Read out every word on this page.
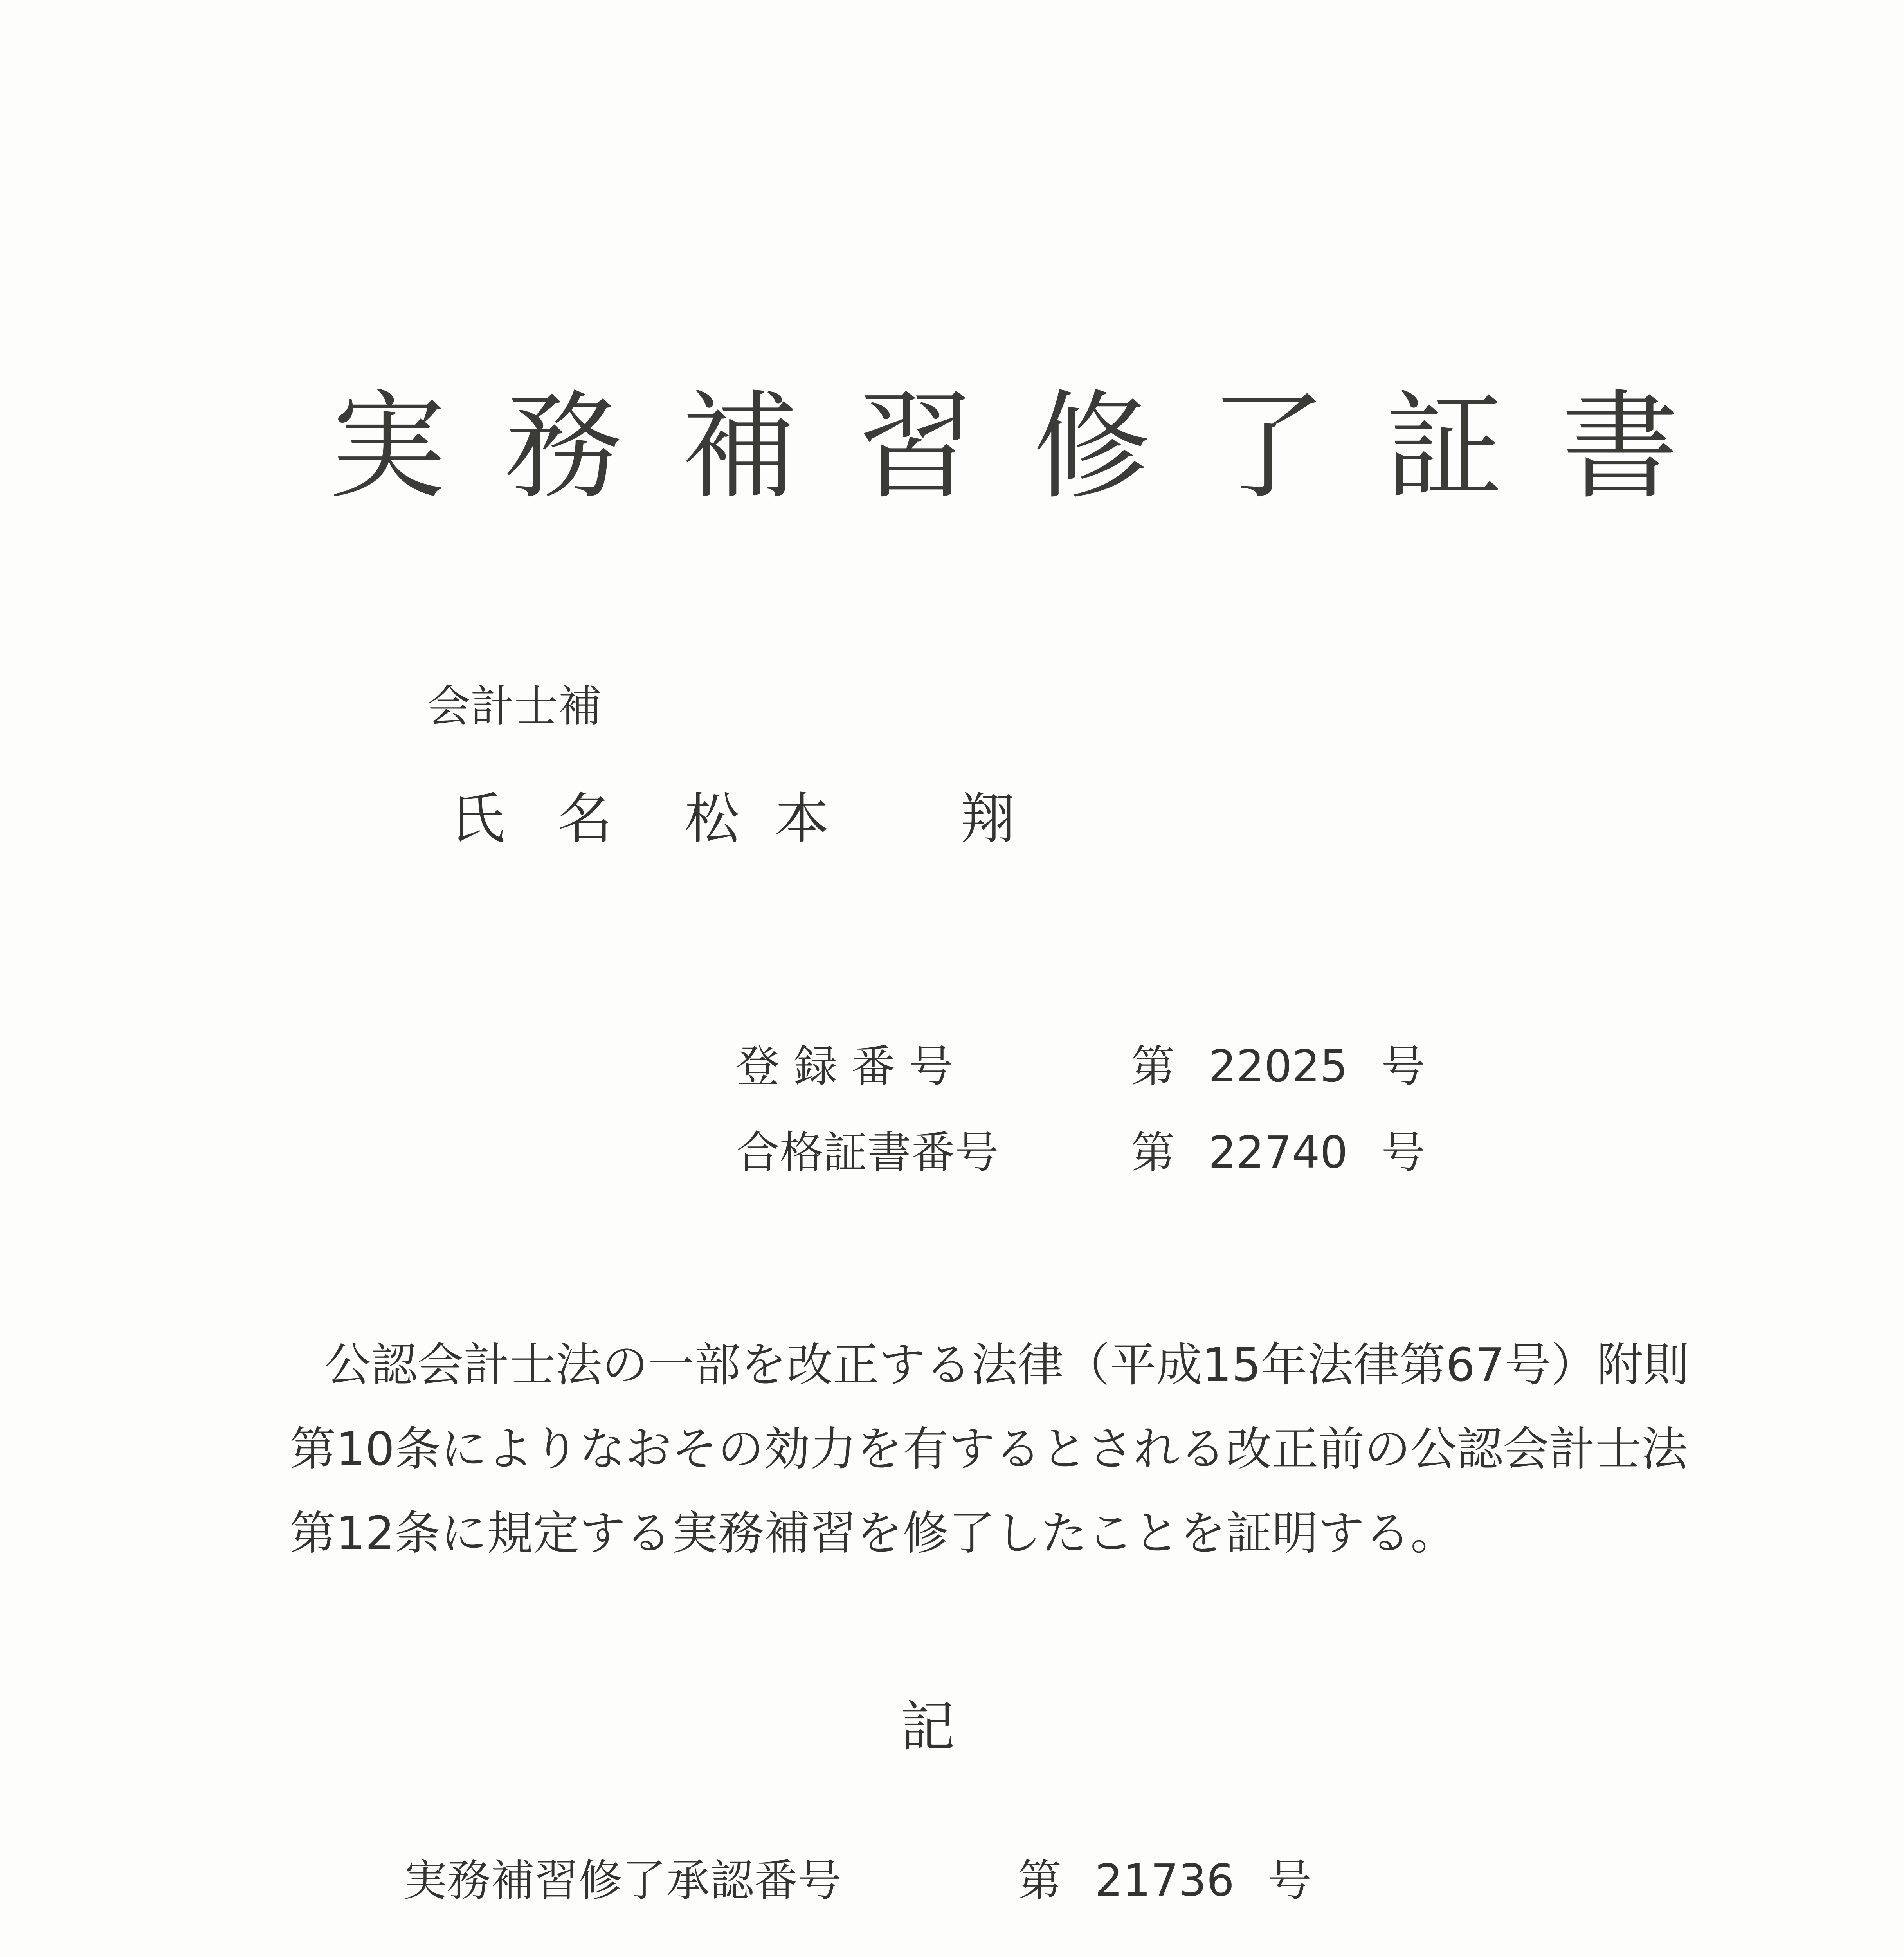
実務補習修了証書
会計士補
氏 名 松本 翔
登 録 番 号	第 22025 号
合格証書番号	第 22740 号
公認会計士法の一部を改正する法律（平成15年法律第67号）附則
第10条によりなおその効力を有するとされる改正前の公認会計士法
第12条に規定する実務補習を修了したことを証明する。
記
実務補習修了承認番号	第 21736 号
